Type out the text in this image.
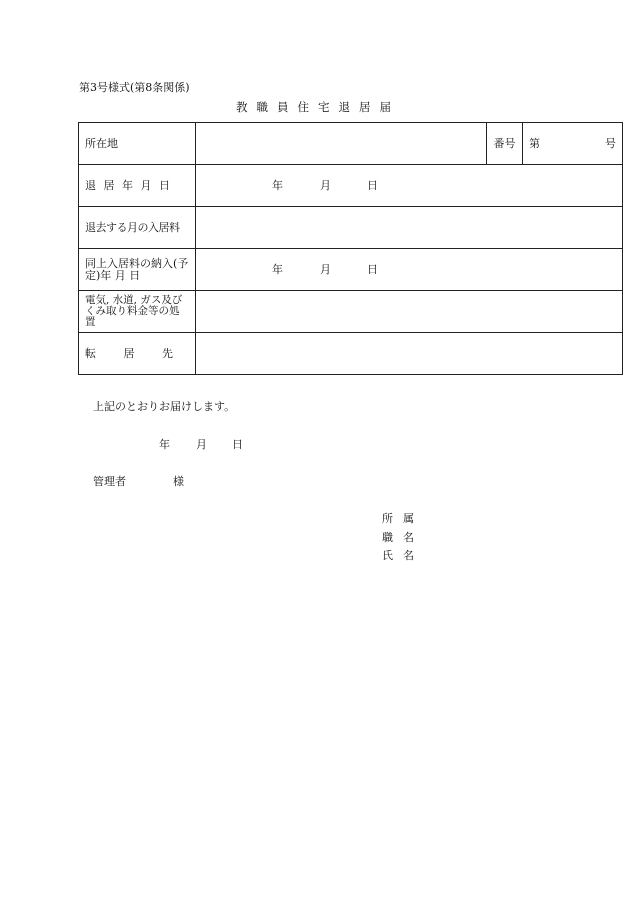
第3号様式(第8条関係)
教職員住宅退居届
所在地		番号	第 号

退 居 年 月 日	年 月 日		

退去する月の入居料			
同上入居料の納入(予 定)年 月 日	年 月 日		

電気, 水道, ガス及びくみ取り料金等の処置			
転 居 先			
上記のとおりお届けします。
年 月 日
管理者	様
所属
職名
氏名
